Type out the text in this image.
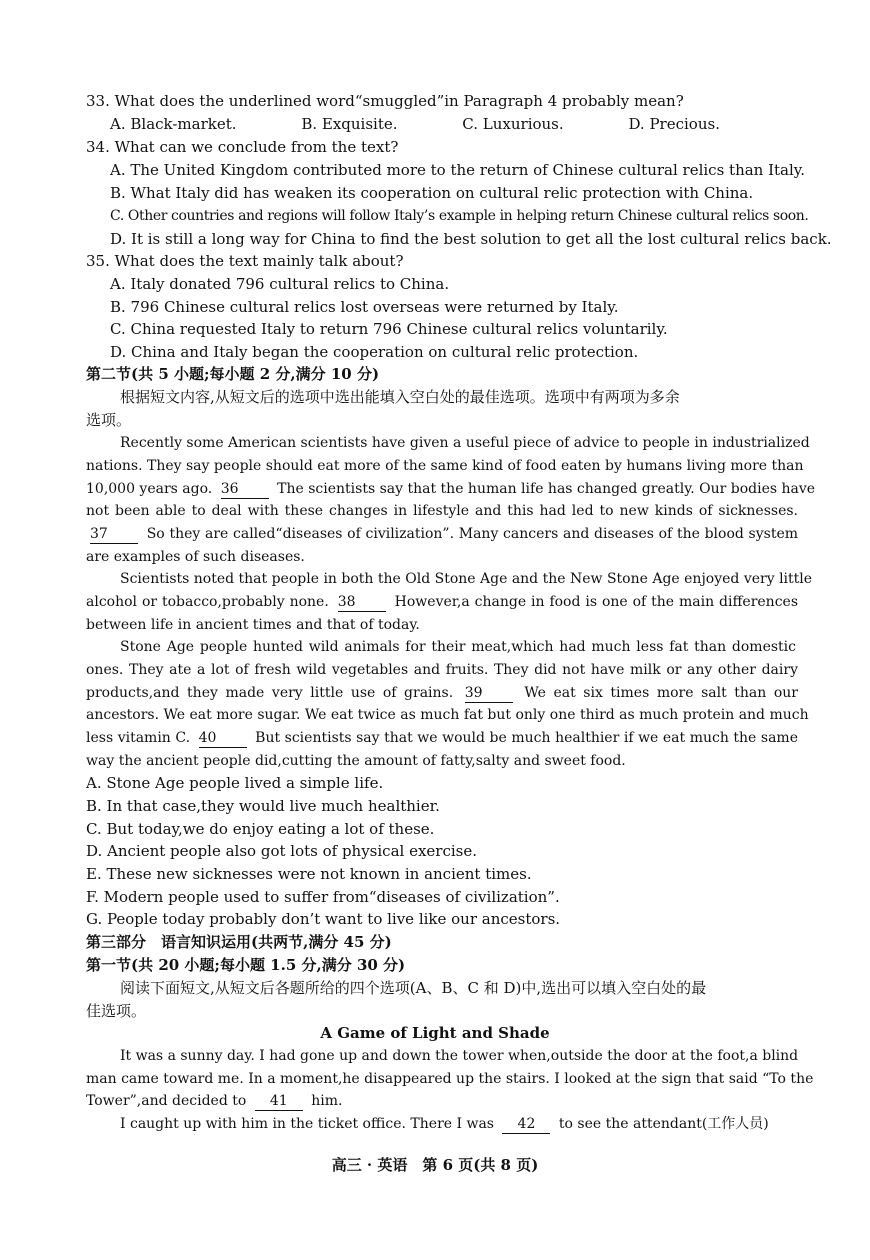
33. What does the underlined word“smuggled”in Paragraph 4 probably mean?
A. Black-market.	B. Exquisite.	C. Luxurious.	D. Precious.
34. What can we conclude from the text?
A. The United Kingdom contributed more to the return of Chinese cultural relics than Italy.
B. What Italy did has weaken its cooperation on cultural relic protection with China.
C. Other countries and regions will follow Italy’s example in helping return Chinese cultural relics soon.
D. It is still a long way for China to find the best solution to get all the lost cultural relics back.
35. What does the text mainly talk about?
A. Italy donated 796 cultural relics to China.
B. 796 Chinese cultural relics lost overseas were returned by Italy.
C. China requested Italy to return 796 Chinese cultural relics voluntarily.
D. China and Italy began the cooperation on cultural relic protection.
第二节(共 5 小题;每小题 2 分,满分 10 分)
根据短文内容,从短文后的选项中选出能填入空白处的最佳选项。选项中有两项为多余
选项。
Recently some American scientists have given a useful piece of advice to people in industrialized
nations. They say people should eat more of the same kind of food eaten by humans living more than
10,000 years ago. 36	The scientists say that the human life has changed greatly. Our bodies have
not been able to deal with these changes in lifestyle and this had led to new kinds of sicknesses.
37	So they are called“diseases of civilization”. Many cancers and diseases of the blood system
are examples of such diseases.
Scientists noted that people in both the Old Stone Age and the New Stone Age enjoyed very little
alcohol or tobacco,probably none. 38	However,a change in food is one of the main differences
between life in ancient times and that of today.
Stone Age people hunted wild animals for their meat,which had much less fat than domestic
ones. They ate a lot of fresh wild vegetables and fruits. They did not have milk or any other dairy
products,and they made very little use of grains. 39	We eat six times more salt than our
ancestors. We eat more sugar. We eat twice as much fat but only one third as much protein and much
less vitamin C. 40	But scientists say that we would be much healthier if we eat much the same
way the ancient people did,cutting the amount of fatty,salty and sweet food.
A. Stone Age people lived a simple life.
B. In that case,they would live much healthier.
C. But today,we do enjoy eating a lot of these.
D. Ancient people also got lots of physical exercise.
E. These new sicknesses were not known in ancient times.
F. Modern people used to suffer from“diseases of civilization”.
G. People today probably don’t want to live like our ancestors.
第三部分　语言知识运用(共两节,满分 45 分)
第一节(共 20 小题;每小题 1.5 分,满分 30 分)
阅读下面短文,从短文后各题所给的四个选项(A、B、C 和 D)中,选出可以填入空白处的最
佳选项。
A Game of Light and Shade
It was a sunny day. I had gone up and down the tower when,outside the door at the foot,a blind
man came toward me. In a moment,he disappeared up the stairs. I looked at the sign that said “To the
Tower”,and decided to 41 him.
I caught up with him in the ticket office. There I was 42 to see the attendant(工作人员)
高三 · 英语　第 6 页(共 8 页)
